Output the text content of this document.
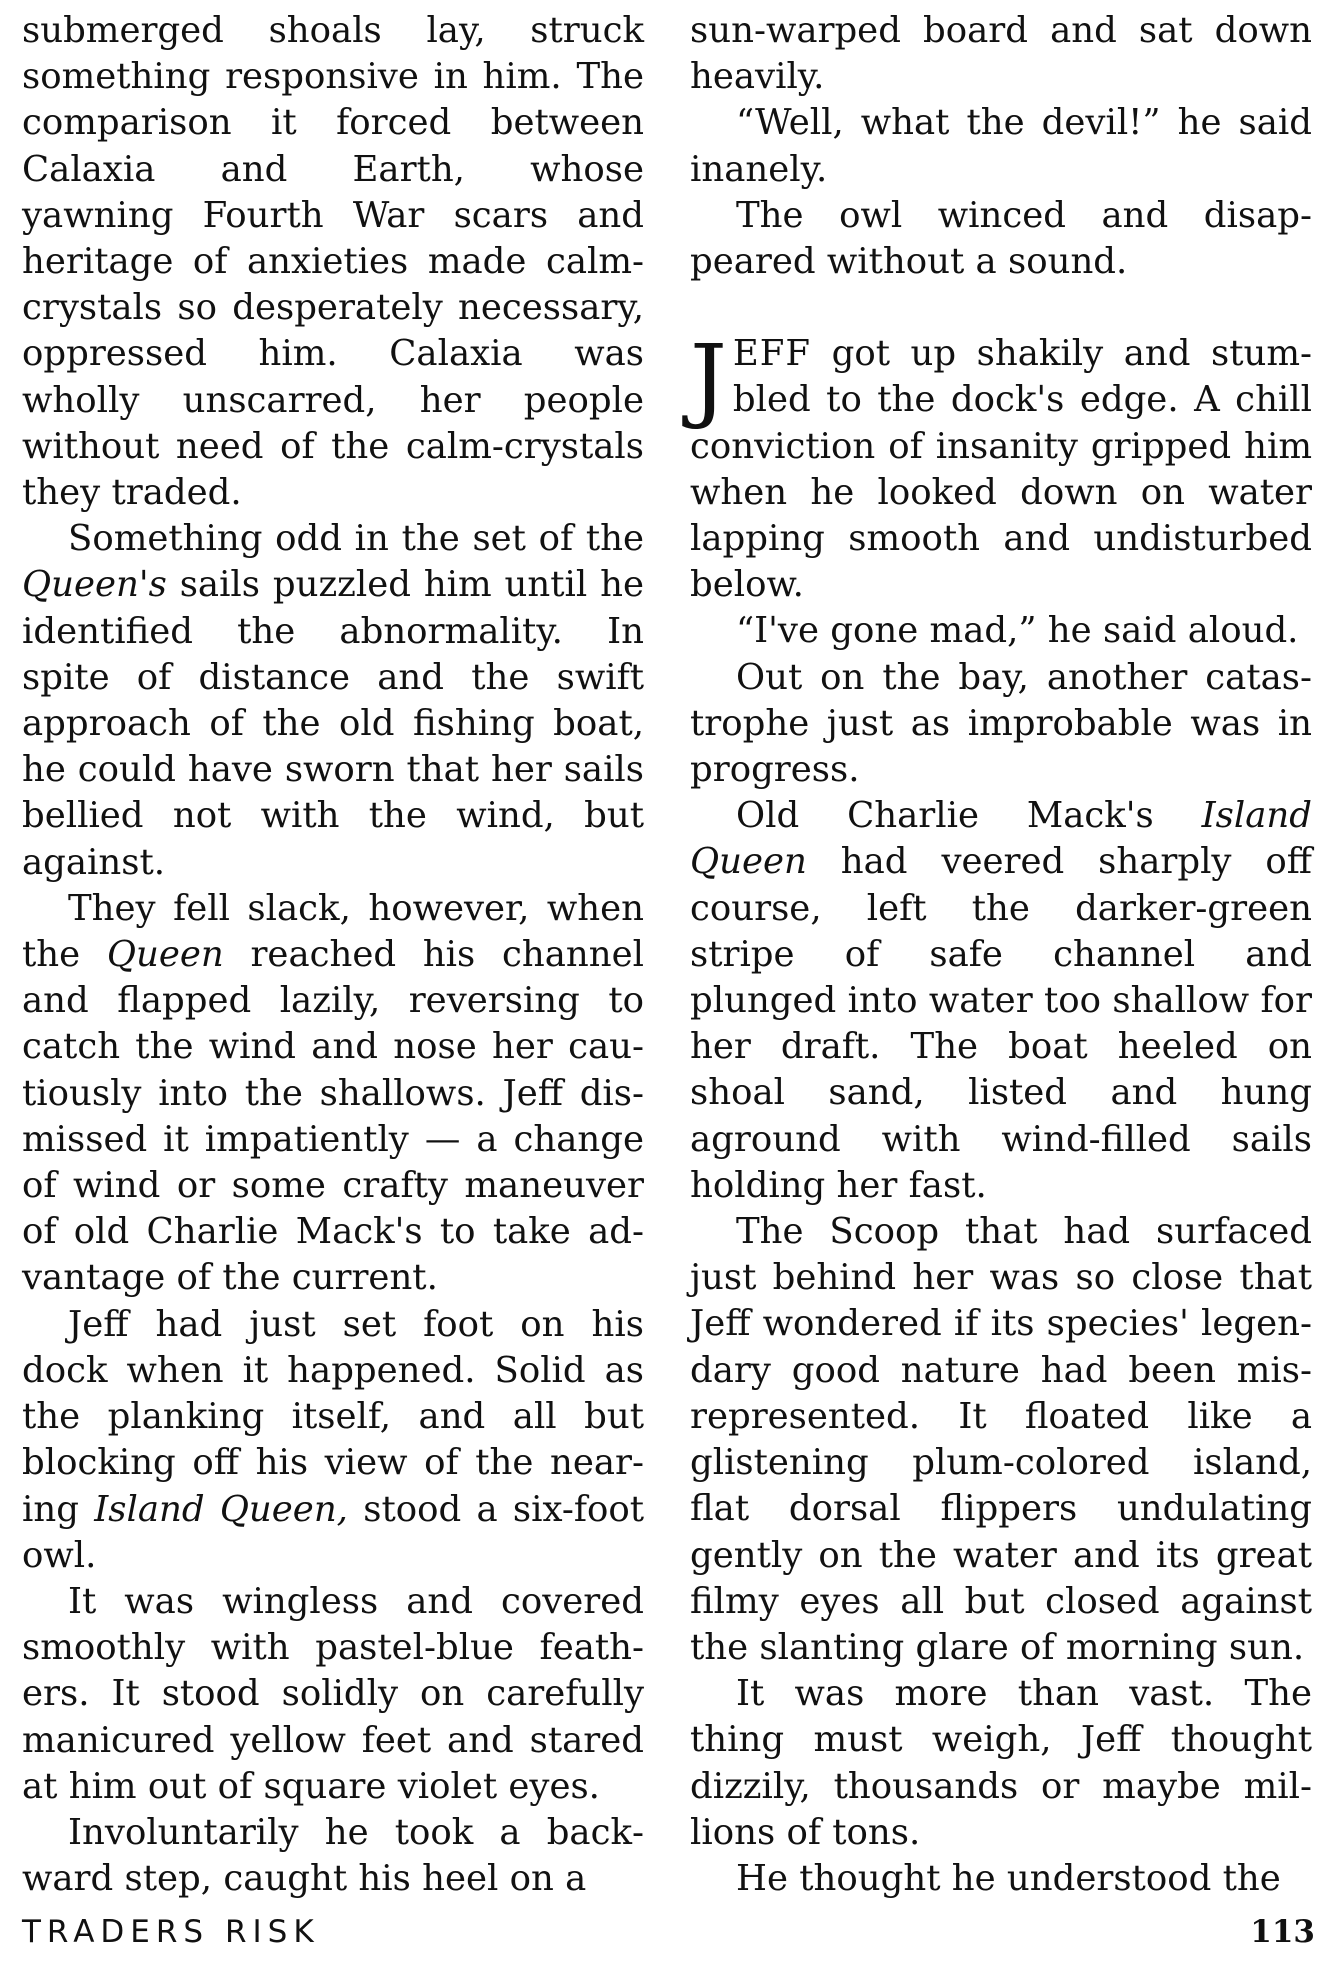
submerged shoals lay, struck something responsive in him. The comparison it forced between Calaxia and Earth, whose yawning Fourth War scars and heritage of anxieties made calm-crystals so desperately necessary, oppressed him. Calaxia was wholly unscarred, her people without need of the calm-crystals they traded.

Something odd in the set of the Queen's sails puzzled him until he identified the abnormality. In spite of distance and the swift approach of the old fishing boat, he could have sworn that her sails bellied not with the wind, but against.

They fell slack, however, when the Queen reached his channel and flapped lazily, reversing to catch the wind and nose her cautiously into the shallows. Jeff dismissed it impatiently — a change of wind or some crafty maneuver of old Charlie Mack's to take advantage of the current.

Jeff had just set foot on his dock when it happened. Solid as the planking itself, and all but blocking off his view of the nearing Island Queen, stood a six-foot owl.

It was wingless and covered smoothly with pastel-blue feathers. It stood solidly on carefully manicured yellow feet and stared at him out of square violet eyes.

Involuntarily he took a backward step, caught his heel on a

sun-warped board and sat down heavily.

“Well, what the devil!” he said inanely.

The owl winced and disappeared without a sound.

JEFF got up shakily and stumbled to the dock's edge. A chill conviction of insanity gripped him when he looked down on water lapping smooth and undisturbed below.

“I've gone mad,” he said aloud.

Out on the bay, another catastrophe just as improbable was in progress.

Old Charlie Mack's Island Queen had veered sharply off course, left the darker-green stripe of safe channel and plunged into water too shallow for her draft. The boat heeled on shoal sand, listed and hung aground with wind-filled sails holding her fast.

The Scoop that had surfaced just behind her was so close that Jeff wondered if its species' legendary good nature had been misrepresented. It floated like a glistening plum-colored island, flat dorsal flippers undulating gently on the water and its great filmy eyes all but closed against the slanting glare of morning sun.

It was more than vast. The thing must weigh, Jeff thought dizzily, thousands or maybe millions of tons.

He thought he understood the

TRADERS RISK	113
